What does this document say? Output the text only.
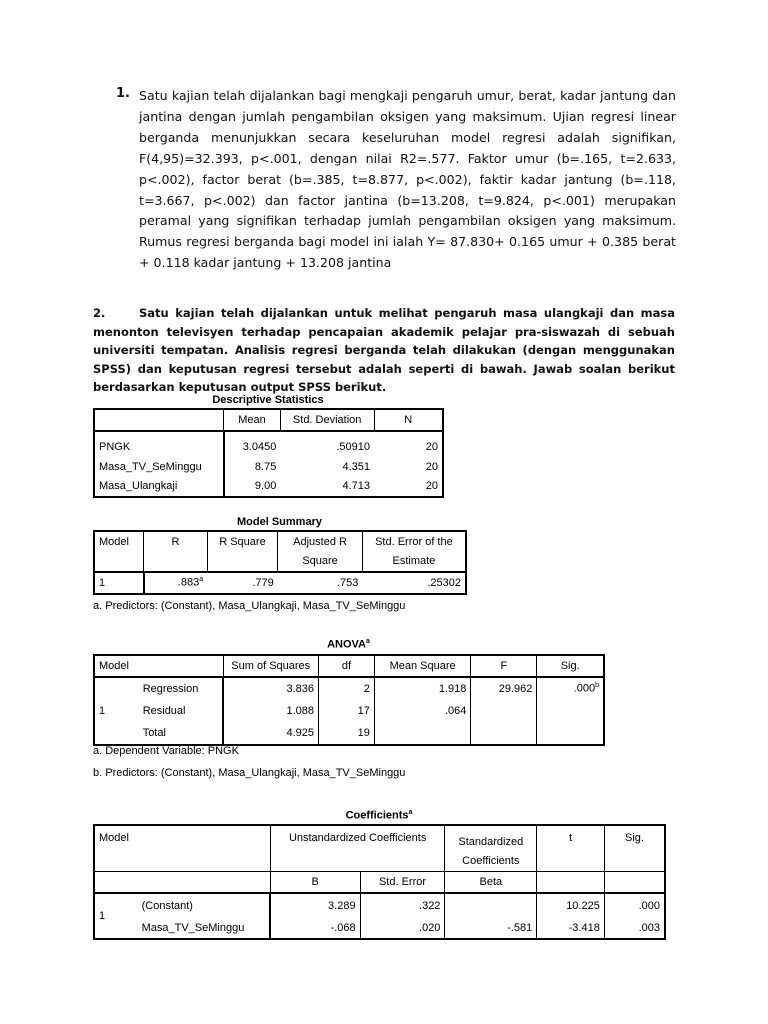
1. Satu kajian telah dijalankan bagi mengkaji pengaruh umur, berat, kadar jantung dan jantina dengan jumlah pengambilan oksigen yang maksimum. Ujian regresi linear berganda menunjukkan secara keseluruhan model regresi adalah signifikan, F(4,95)=32.393, p<.001, dengan nilai R2=.577. Faktor umur (b=.165, t=2.633, p<.002), factor berat (b=.385, t=8.877, p<.002), faktir kadar jantung (b=.118, t=3.667, p<.002) dan factor jantina (b=13.208, t=9.824, p<.001) merupakan peramal yang signifikan terhadap jumlah pengambilan oksigen yang maksimum. Rumus regresi berganda bagi model ini ialah Y= 87.830+ 0.165 umur + 0.385 berat + 0.118 kadar jantung + 13.208 jantina
2.	Satu kajian telah dijalankan untuk melihat pengaruh masa ulangkaji dan masa menonton televisyen terhadap pencapaian akademik pelajar pra-siswazah di sebuah universiti tempatan. Analisis regresi berganda telah dilakukan (dengan menggunakan SPSS) dan keputusan regresi tersebut adalah seperti di bawah. Jawab soalan berikut berdasarkan keputusan output SPSS berikut.
Descriptive Statistics
	Mean	Std. Deviation	N
PNGK	3.0450	.50910	20
Masa_TV_SeMinggu	8.75	4.351	20
Masa_Ulangkaji	9.00	4.713	20
Model Summary
Model	R	R Square	Adjusted R	Std. Error of the
			Square	Estimate
1	.883$^a$	.779	.753	.25302
a. Predictors: (Constant), Masa_Ulangkaji, Masa_TV_SeMinggu
ANOVA$^a$
Model		Sum of Squares	df	Mean Square	F	Sig.
1	Regression	3.836	2	1.918	29.962	.000$^b$
	Residual	1.088	17	.064		
	Total	4.925	19			
a. Dependent Variable: PNGK
b. Predictors: (Constant), Masa_Ulangkaji, Masa_TV_SeMinggu
Coefficients$^a$
Model		Unstandardized Coefficients		Standardized	t	Sig.
				Coefficients		
		B	Std. Error	Beta		
1	(Constant)	3.289	.322		10.225	.000
	Masa_TV_SeMinggu	-.068	.020	-.581	-3.418	.003
